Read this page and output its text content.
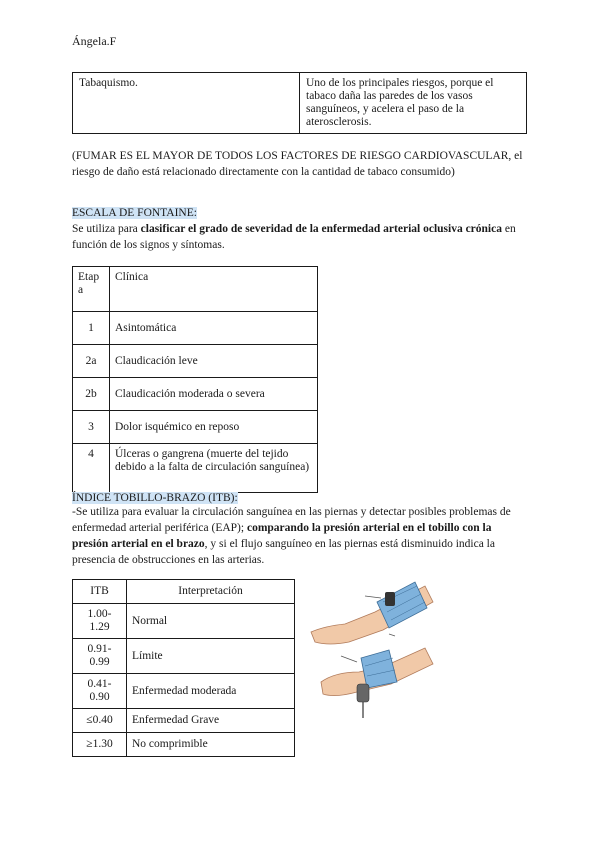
Ángela.F
Tabaquismo.	Uno de los principales riesgos, porque el tabaco daña las paredes de los vasos sanguíneos, y acelera el paso de la aterosclerosis.
(FUMAR ES EL MAYOR DE TODOS LOS FACTORES DE RIESGO CARDIOVASCULAR, el riesgo de daño está relacionado directamente con la cantidad de tabaco consumido)
ESCALA DE FONTAINE:
Se utiliza para clasificar el grado de severidad de la enfermedad arterial oclusiva crónica en función de los signos y síntomas.
Etapa	Clínica
1	Asintomática
2a	Claudicación leve
2b	Claudicación moderada o severa
3	Dolor isquémico en reposo
4	Úlceras o gangrena (muerte del tejido debido a la falta de circulación sanguínea)
ÍNDICE TOBILLO-BRAZO (ITB):
-Se utiliza para evaluar la circulación sanguínea en las piernas y detectar posibles problemas de enfermedad arterial periférica (EAP); comparando la presión arterial en el tobillo con la presión arterial en el brazo, y si el flujo sanguíneo en las piernas está disminuido indica la presencia de obstrucciones en las arterias.
ITB	Interpretación
1.00-1.29	Normal
0.91-0.99	Límite
0.41-0.90	Enfermedad moderada
≤0.40	Enfermedad Grave
≥1.30	No comprimible
